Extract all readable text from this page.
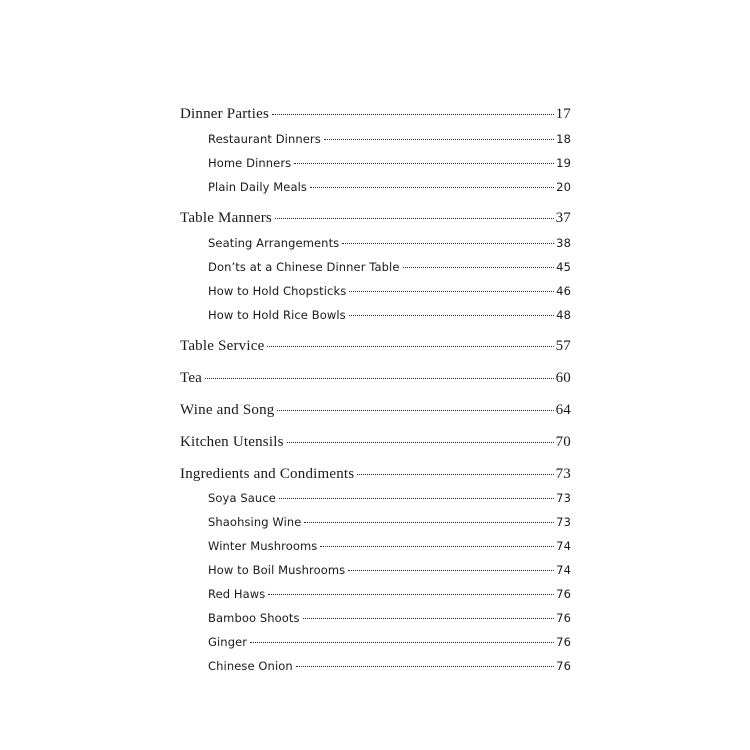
Dinner Parties	17
Restaurant Dinners	18
Home Dinners	19
Plain Daily Meals	20
Table Manners	37
Seating Arrangements	38
Don’ts at a Chinese Dinner Table	45
How to Hold Chopsticks	46
How to Hold Rice Bowls	48
Table Service	57
Tea	60
Wine and Song	64
Kitchen Utensils	70
Ingredients and Condiments	73
Soya Sauce	73
Shaohsing Wine	73
Winter Mushrooms	74
How to Boil Mushrooms	74
Red Haws	76
Bamboo Shoots	76
Ginger	76
Chinese Onion	76
